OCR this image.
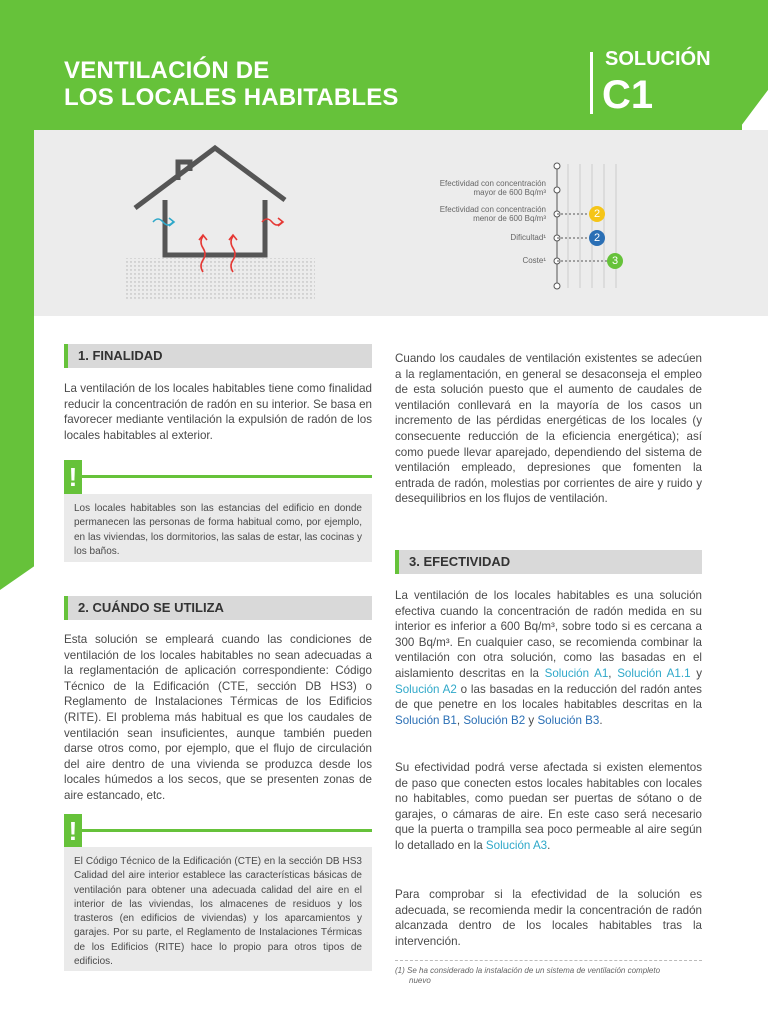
VENTILACIÓN DE
LOS LOCALES HABITABLES
SOLUCIÓN
C1
Efectividad con concentración
mayor de 600 Bq/m³
Efectividad con concentración
menor de 600 Bq/m³
Dificultad¹
Coste¹
2
2
3
1. FINALIDAD
La ventilación de los locales habitables tiene como finalidad reducir la concentración de radón en su interior. Se basa en favorecer mediante ventilación la expulsión de radón de los locales habitables al exterior.
!
Los locales habitables son las estancias del edificio en donde permanecen las personas de forma habitual como, por ejemplo, en las viviendas, los dormitorios, las salas de estar, las cocinas y los baños.
2. CUÁNDO SE UTILIZA
Esta solución se empleará cuando las condiciones de ventilación de los locales habitables no sean adecuadas a la reglamentación de aplicación correspondiente: Código Técnico de la Edificación (CTE, sección DB HS3) o Reglamento de Instalaciones Térmicas de los Edificios (RITE). El problema más habitual es que los caudales de ventilación sean insuficientes, aunque también pueden darse otros como, por ejemplo, que el flujo de circulación del aire dentro de una vivienda se produzca desde los locales húmedos a los secos, que se presenten zonas de aire estancado, etc.
!
El Código Técnico de la Edificación (CTE) en la sección DB HS3 Calidad del aire interior establece las características básicas de ventilación para obtener una adecuada calidad del aire en el interior de las viviendas, los almacenes de residuos y los trasteros (en edificios de viviendas) y los aparcamientos y garajes. Por su parte, el Reglamento de Instalaciones Térmicas de los Edificios (RITE) hace lo propio para otros tipos de edificios.
Cuando los caudales de ventilación existentes se adecúen a la reglamentación, en general se desaconseja el empleo de esta solución puesto que el aumento de caudales de ventilación conllevará en la mayoría de los casos un incremento de las pérdidas energéticas de los locales (y consecuente reducción de la eficiencia energética); así como puede llevar aparejado, dependiendo del sistema de ventilación empleado, depresiones que fomenten la entrada de radón, molestias por corrientes de aire y ruido y desequilibrios en los flujos de ventilación.
3. EFECTIVIDAD
La ventilación de los locales habitables es una solución efectiva cuando la concentración de radón medida en su interior es inferior a 600 Bq/m³, sobre todo si es cercana a 300 Bq/m³. En cualquier caso, se recomienda combinar la ventilación con otra solución, como las basadas en el aislamiento descritas en la Solución A1, Solución A1.1 y Solución A2 o las basadas en la reducción del radón antes de que penetre en los locales habitables descritas en la Solución B1, Solución B2 y Solución B3.
Su efectividad podrá verse afectada si existen elementos de paso que conecten estos locales habitables con locales no habitables, como puedan ser puertas de sótano o de garajes, o cámaras de aire. En este caso será necesario que la puerta o trampilla sea poco permeable al aire según lo detallado en la Solución A3.
Para comprobar si la efectividad de la solución es adecuada, se recomienda medir la concentración de radón alcanzada dentro de los locales habitables tras la intervención.
(1) Se ha considerado la instalación de un sistema de ventilación completo
nuevo
